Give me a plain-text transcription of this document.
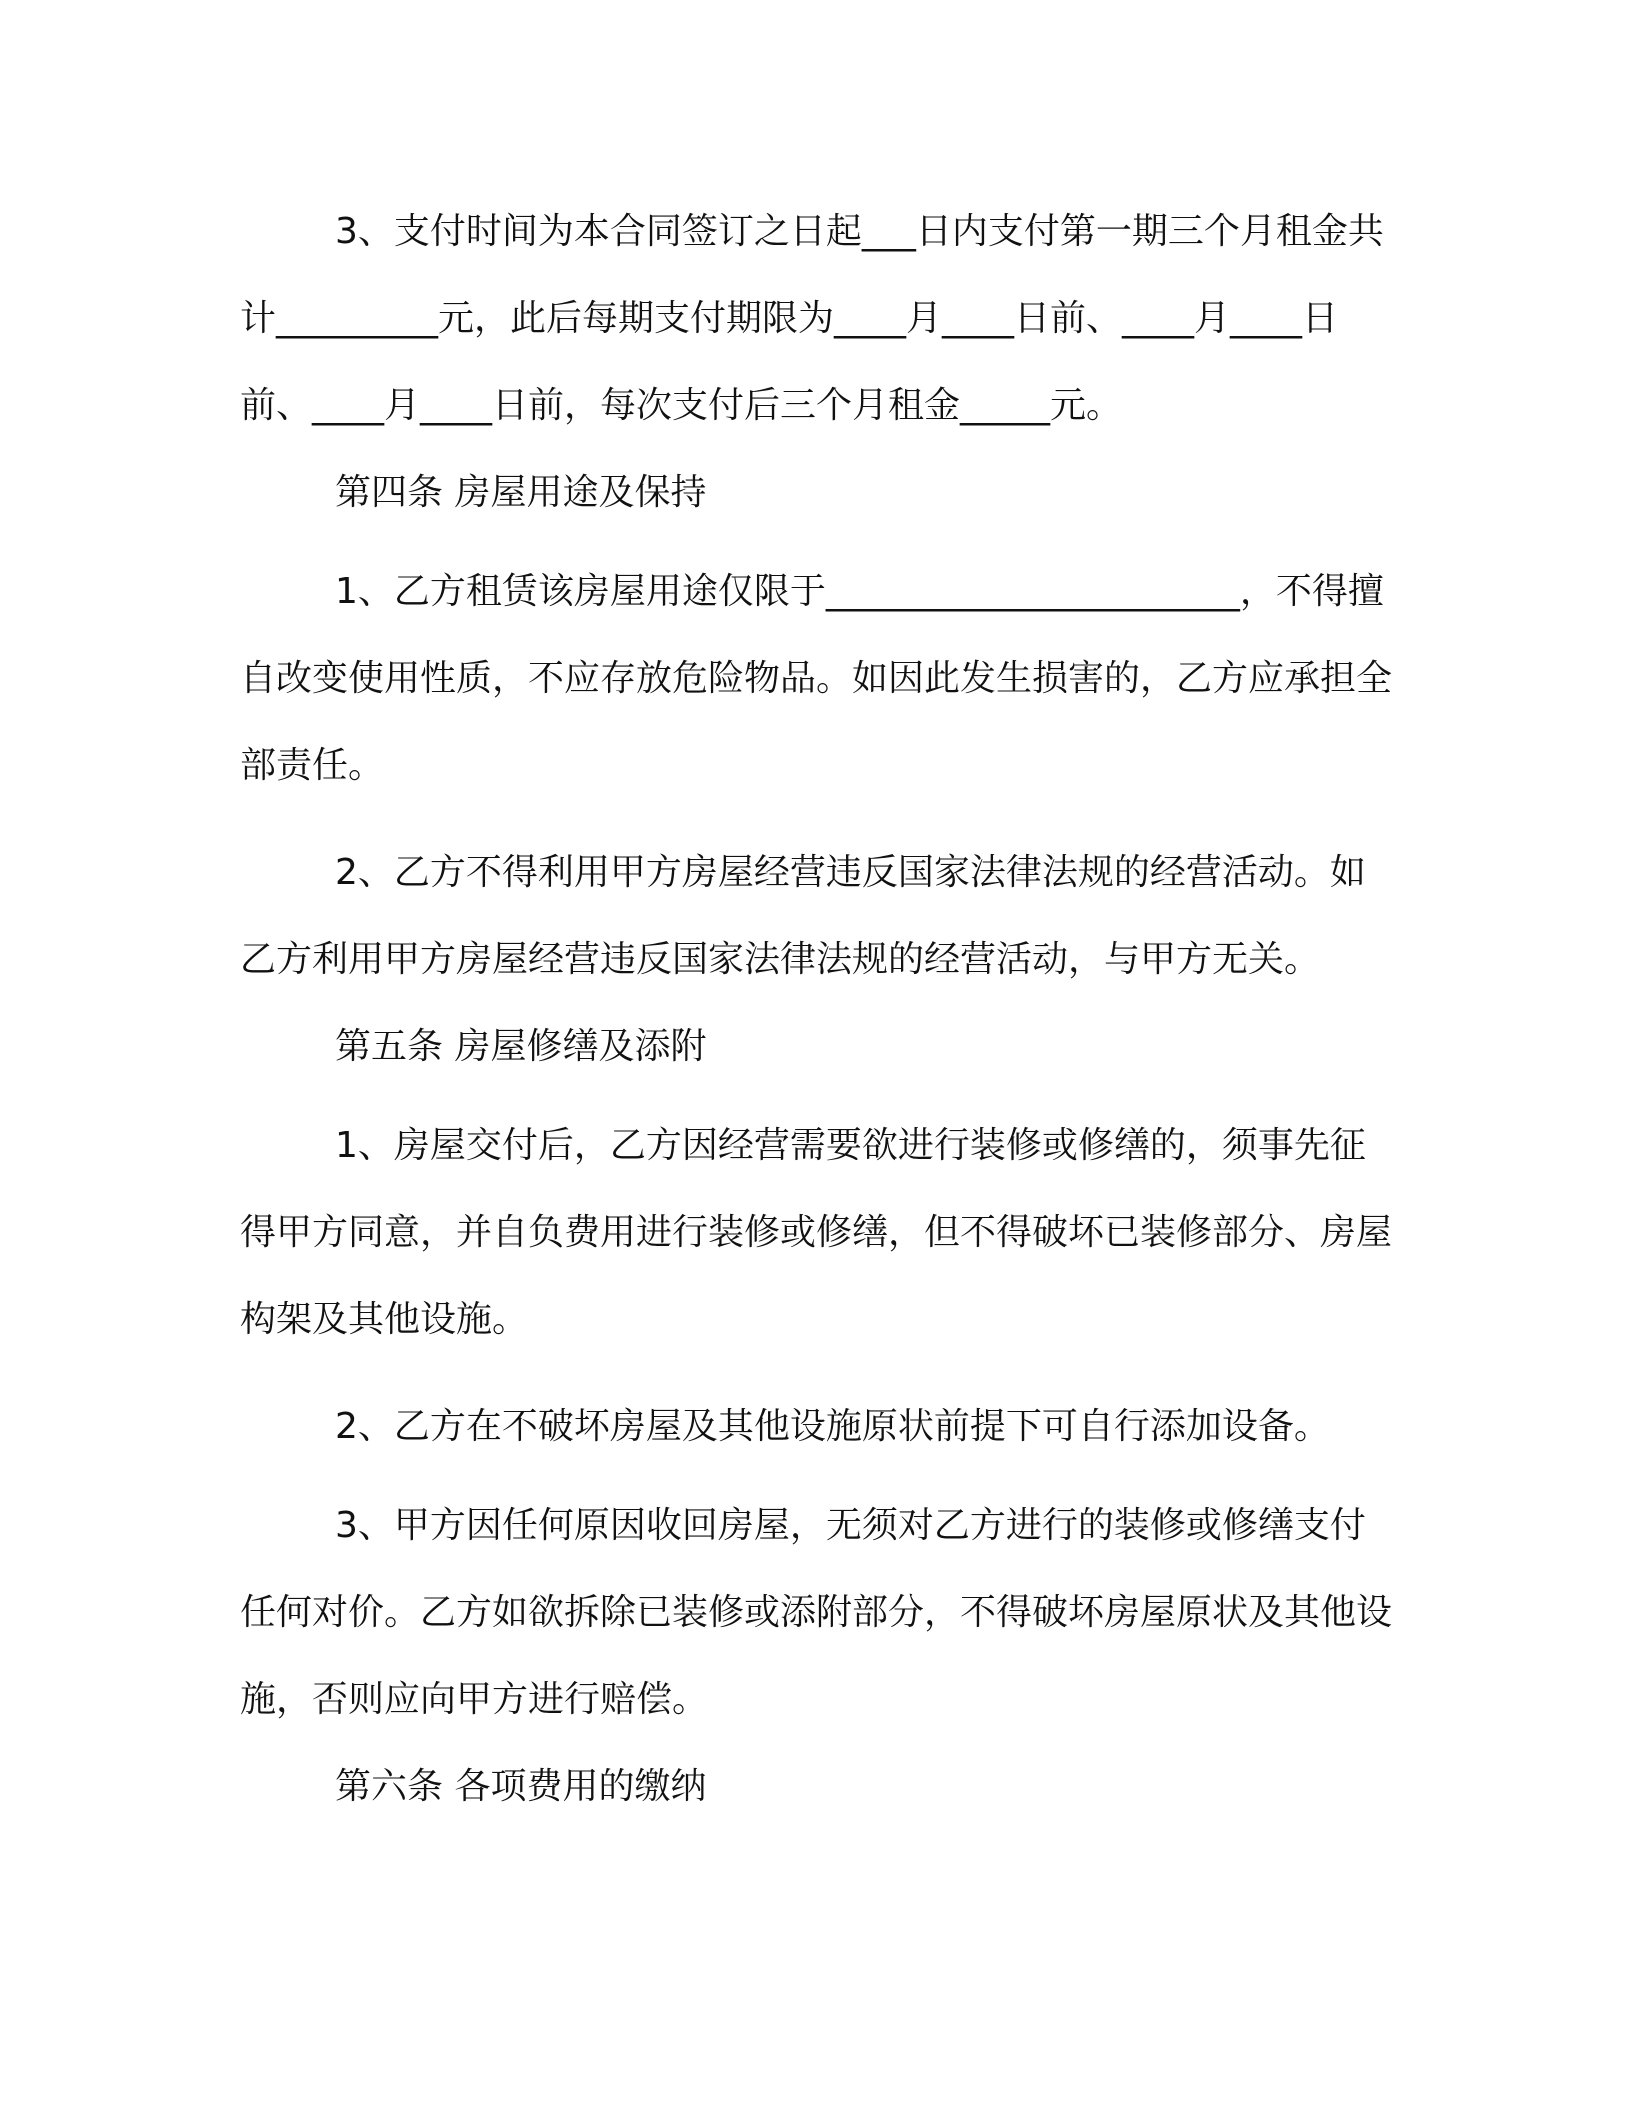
3、支付时间为本合同签订之日起___日内支付第一期三个月租金共计_________元，此后每期支付期限为____月____日前、____月____日前、____月____日前，每次支付后三个月租金_____元。

第四条 房屋用途及保持

1、乙方租赁该房屋用途仅限于_______________________，不得擅自改变使用性质，不应存放危险物品。如因此发生损害的，乙方应承担全部责任。

2、乙方不得利用甲方房屋经营违反国家法律法规的经营活动。如乙方利用甲方房屋经营违反国家法律法规的经营活动，与甲方无关。

第五条 房屋修缮及添附

1、房屋交付后，乙方因经营需要欲进行装修或修缮的，须事先征得甲方同意，并自负费用进行装修或修缮，但不得破坏已装修部分、房屋构架及其他设施。

2、乙方在不破坏房屋及其他设施原状前提下可自行添加设备。

3、甲方因任何原因收回房屋，无须对乙方进行的装修或修缮支付任何对价。乙方如欲拆除已装修或添附部分，不得破坏房屋原状及其他设施，否则应向甲方进行赔偿。

第六条 各项费用的缴纳
